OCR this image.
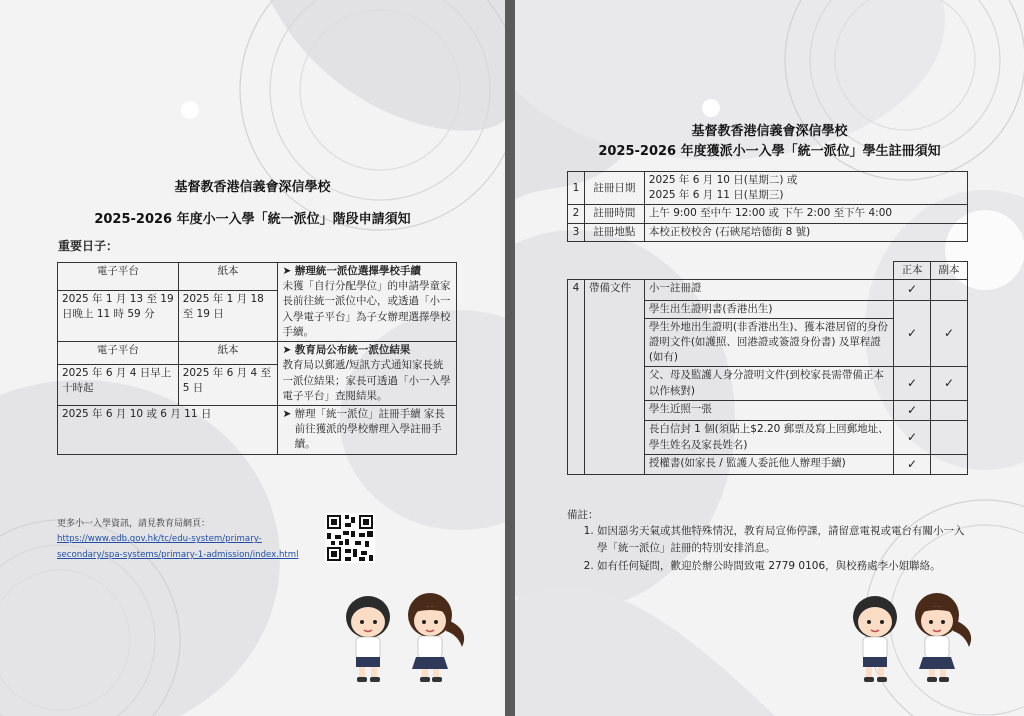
基督教香港信義會深信學校
2025-2026 年度小一入學「統一派位」階段申請須知
重要日子：
電子平台	紙本	➤ 辦理統一派位選擇學校手續
未獲「自行分配學位」的申請學童家長前往統一派位中心，或透過「小一入學電子平台」為子女辦理選擇學校手續。

2025 年 1 月 13 至 19 日晚上 11 時 59 分	2025 年 1 月 18 至 19 日	
電子平台	紙本	➤ 教育局公布統一派位結果
教育局以郵遞/短訊方式通知家長統一派位結果；家長可透過「小一入學電子平台」查閱結果。

2025 年 6 月 4 日早上十時起	2025 年 6 月 4 至 5 日	
2025 年 6 月 10 或 6 月 11 日		➤ 辦理「統一派位」註冊手續 家長前往獲派的學校辦理入學註冊手續。
更多小一入學資訊，請見教育局網頁：
https://www.edb.gov.hk/tc/edu-system/primary-
secondary/spa-systems/primary-1-admission/index.html
基督教香港信義會深信學校
2025-2026 年度獲派小一入學「統一派位」學生註冊須知
1	註冊日期	2025 年 6 月 10 日(星期二) 或
2025 年 6 月 11 日(星期三)

2	註冊時間	上午 9:00 至中午 12:00 或 下午 2:00 至下午 4:00
3	註冊地點	本校正校校舍 (石硤尾培德街 8 號)
			正本	副本
4	帶備文件	小一註冊證	✓	
		學生出生證明書(香港出生)	✓	✓
		學生外地出生證明(非香港出生)、獲本港居留的身份證明文件(如護照、回港證或簽證身份書) 及單程證(如有)		
		父、母及監護人身分證明文件(到校家長需帶備正本以作核對)	✓	✓
		學生近照一張	✓	
		長白信封 1 個(須貼上$2.20 郵票及寫上回郵地址、學生姓名及家長姓名)	✓	
		授權書(如家長 / 監護人委託他人辦理手續)	✓	
備註：
1. 如因惡劣天氣或其他特殊情況，教育局宣佈停課，請留意電視或電台有關小一入學「統一派位」註冊的特別安排消息。
2. 如有任何疑問，歡迎於辦公時間致電 2779 0106，與校務處李小姐聯絡。
